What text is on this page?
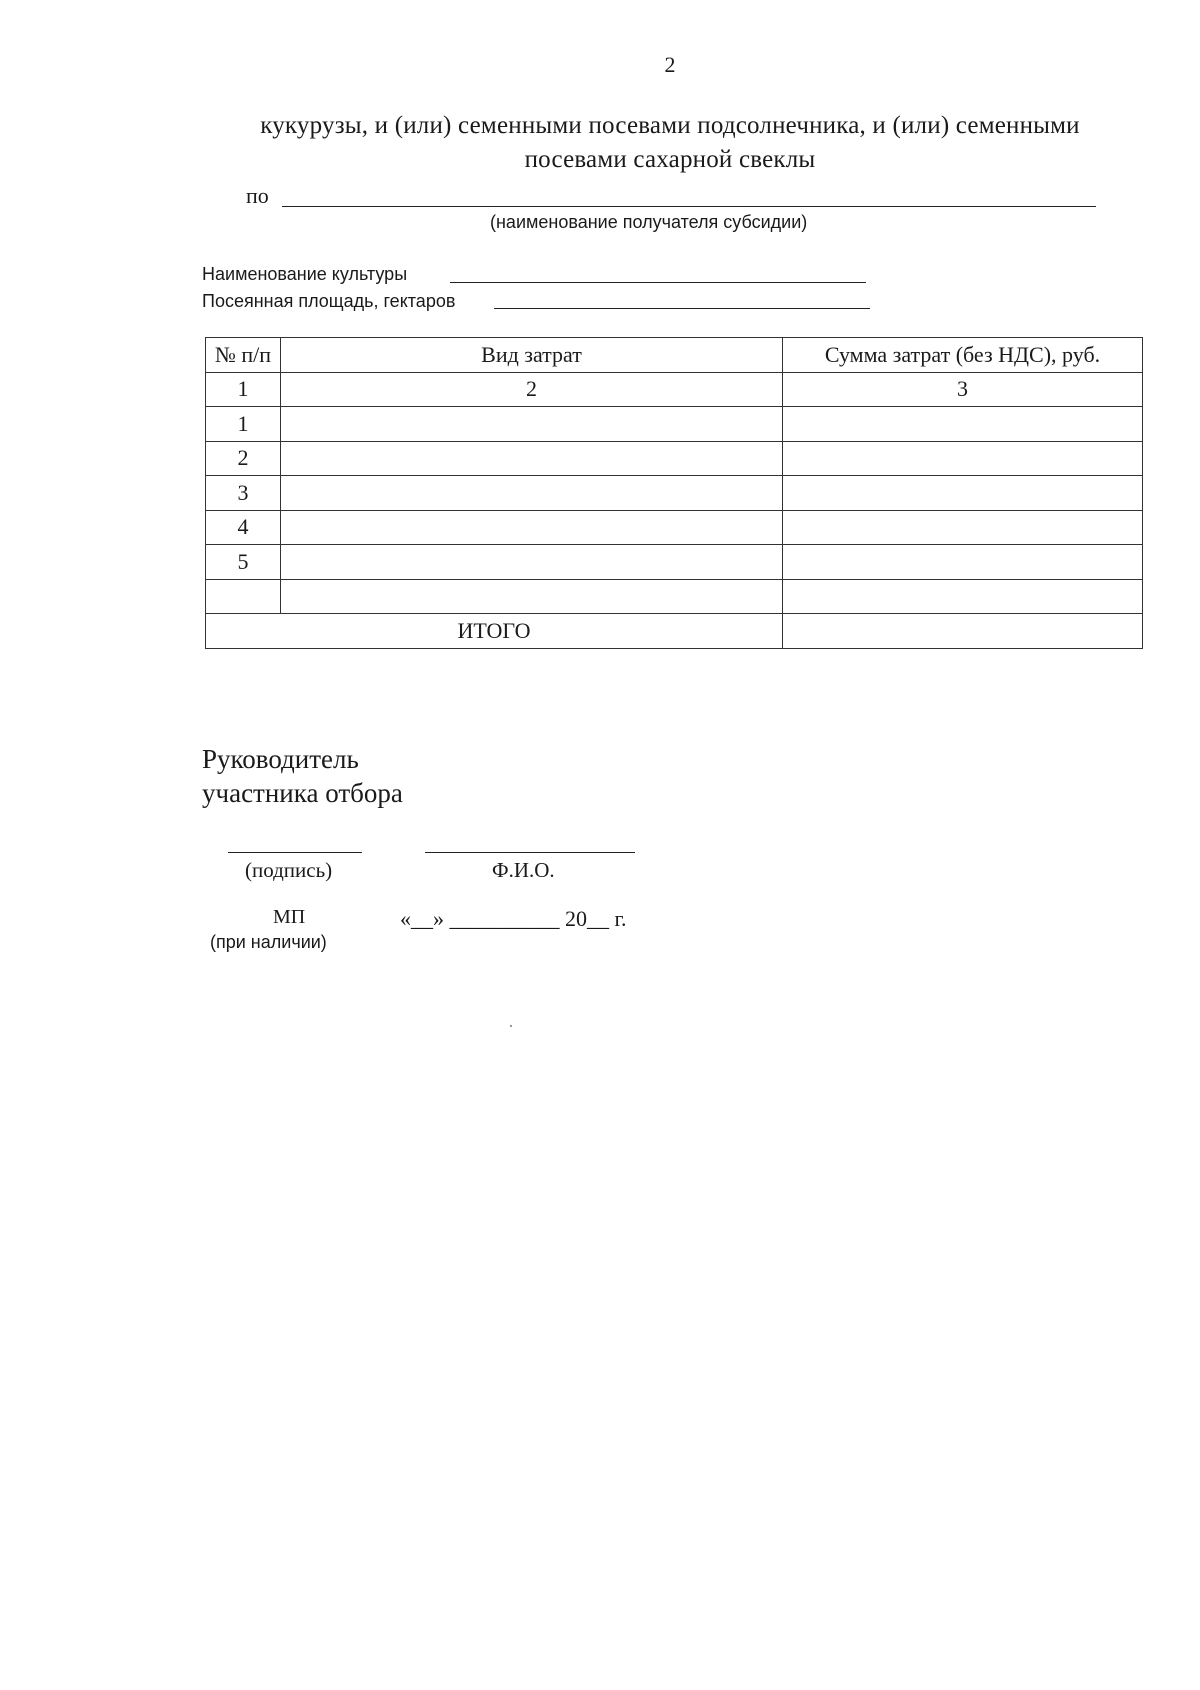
2
кукурузы, и (или) семенными посевами подсолнечника, и (или) семенными
посевами сахарной свеклы
по
(наименование получателя субсидии)
Наименование культуры
Посеянная площадь, гектаров
№ п/п	Вид затрат	Сумма затрат (без НДС), руб.
1	2	3
1		
2		
3		
4		
5		

ИТОГО		
Руководитель
участника отбора
(подпись)	Ф.И.О.
МП
(при наличии)
«__» __________ 20__ г.
